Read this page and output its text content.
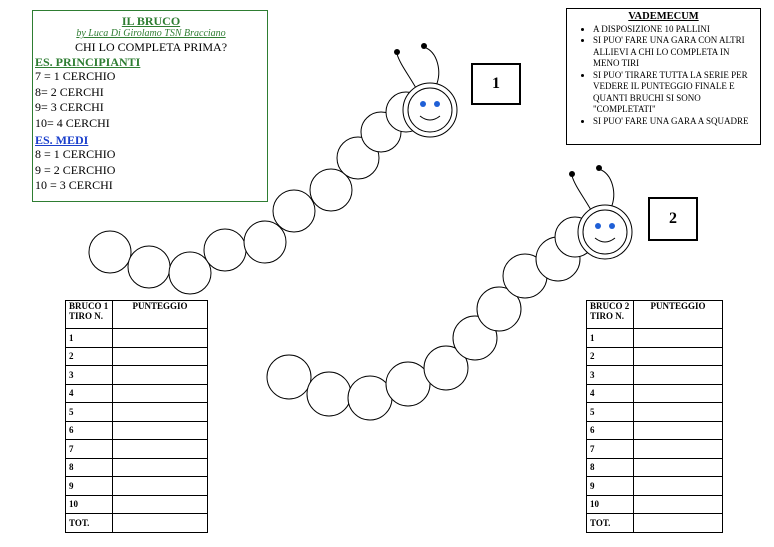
IL BRUCO
by Luca Di Girolamo TSN Bracciano
CHI LO COMPLETA PRIMA?
ES. PRINCIPIANTI
7 = 1 CERCHIO
8= 2 CERCHI
9= 3 CERCHI
10= 4 CERCHI
ES. MEDI
8 = 1 CERCHIO
9 = 2 CERCHIO
10 = 3 CERCHI
VADEMECUM
• A DISPOSIZIONE 10 PALLINI
• SI PUO' FARE UNA GARA CON ALTRI ALLIEVI A CHI LO COMPLETA IN MENO TIRI
• SI PUO' TIRARE TUTTA LA SERIE PER VEDERE IL PUNTEGGIO FINALE E QUANTI BRUCHI SI SONO "COMPLETATI"
• SI PUO' FARE UNA GARA A SQUADRE
1
2
BRUCO 1 TIRO N.	PUNTEGGIO
1	
2	
3	
4	
5	
6	
7	
8	
9	
10	
TOT.	
BRUCO 2 TIRO N.	PUNTEGGIO
1	
2	
3	
4	
5	
6	
7	
8	
9	
10	
TOT.	
